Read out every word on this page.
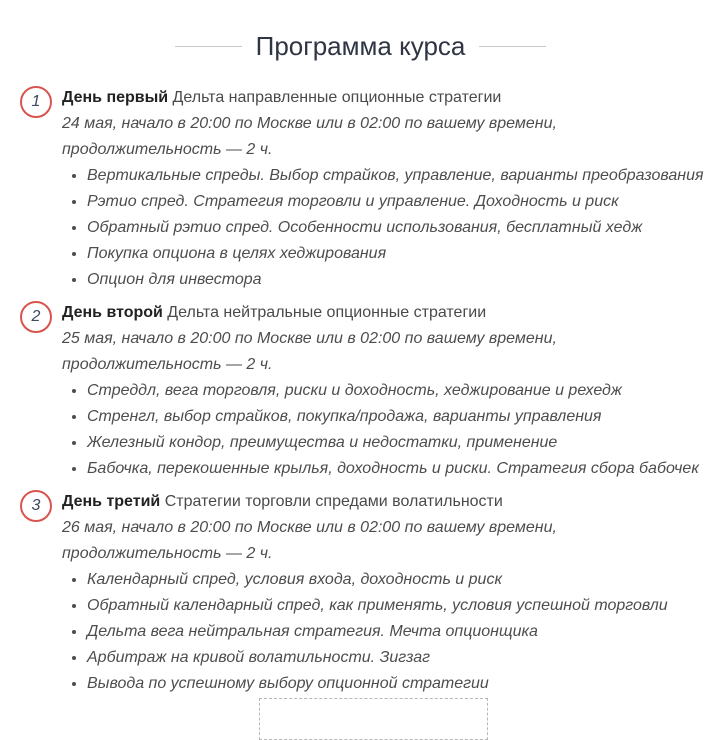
Программа курса
1	День первый Дельта направленные опционные стратегии
24 мая, начало в 20:00 по Москве или в 02:00 по вашему времени,
продолжительность — 2 ч.
• Вертикальные спреды. Выбор страйков, управление, варианты преобразования
• Рэтио спред. Стратегия торговли и управление. Доходность и риск
• Обратный рэтио спред. Особенности использования, бесплатный хедж
• Покупка опциона в целях хеджирования
• Опцион для инвестора
2	День второй Дельта нейтральные опционные стратегии
25 мая, начало в 20:00 по Москве или в 02:00 по вашему времени,
продолжительность — 2 ч.
• Стреддл, вега торговля, риски и доходность, хеджирование и рехедж
• Стренгл, выбор страйков, покупка/продажа, варианты управления
• Железный кондор, преимущества и недостатки, применение
• Бабочка, перекошенные крылья, доходность и риски. Стратегия сбора бабочек
3	День третий Стратегии торговли спредами волатильности
26 мая, начало в 20:00 по Москве или в 02:00 по вашему времени,
продолжительность — 2 ч.
• Календарный спред, условия входа, доходность и риск
• Обратный календарный спред, как применять, условия успешной торговли
• Дельта вега нейтральная стратегия. Мечта опционщика
• Арбитраж на кривой волатильности. Зигзаг
• Вывода по успешному выбору опционной стратегии
